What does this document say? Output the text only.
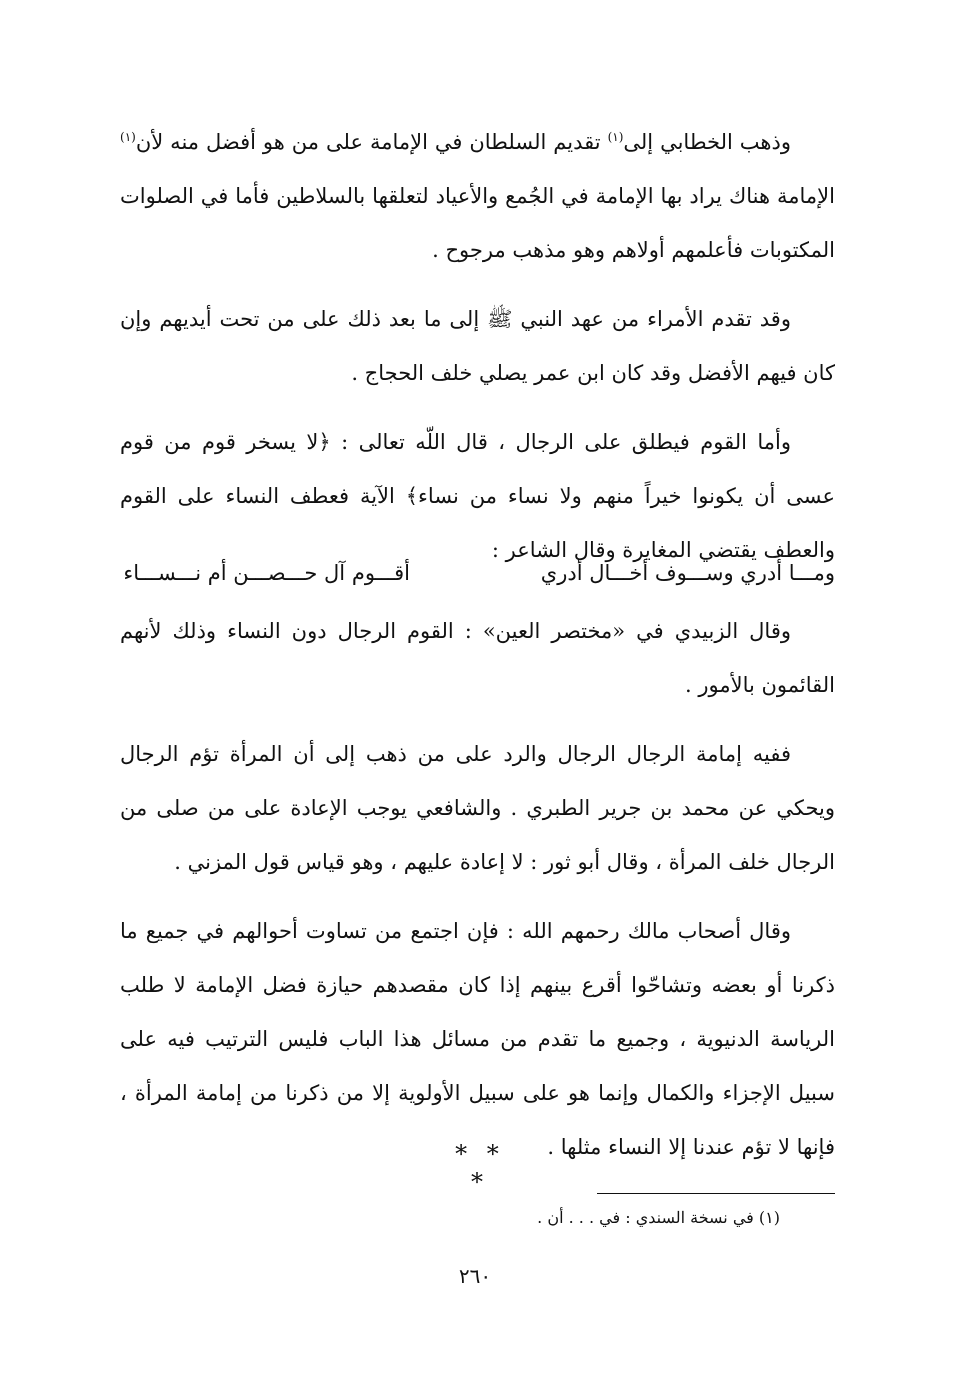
وذهب الخطابي إلى$^{(١)}$ تقديم السلطان في الإمامة على من هو أفضل منه لأن$^{(١)}$ الإمامة هناك يراد بها الإمامة في الجُمع والأعياد لتعلقها بالسلاطين فأما في الصلوات المكتوبات فأعلمهم أولاهم وهو مذهب مرجوح .

وقد تقدم الأمراء من عهد النبي ﷺ إلى ما بعد ذلك على من تحت أيديهم وإن كان فيهم الأفضل وقد كان ابن عمر يصلي خلف الحجاج .

وأما القوم فيطلق على الرجال ، قال اللّه تعالى : ﴿لا يسخر قوم من قوم عسى أن يكونوا خيراً منهم ولا نساء من نساء﴾ الآية فعطف النساء على القوم والعطف يقتضي المغايرة وقال الشاعر :

ومـــا أدري وســـوف أخـــال أدري
أقـــوم آل حـــصـــن أم نـــســـاء

وقال الزبيدي في «مختصر العين» : القوم الرجال دون النساء وذلك لأنهم القائمون بالأمور .

ففيه إمامة الرجال الرجال والرد على من ذهب إلى أن المرأة تؤم الرجال ويحكي عن محمد بن جرير الطبري . والشافعي يوجب الإعادة على من صلى من الرجال خلف المرأة ، وقال أبو ثور : لا إعادة عليهم ، وهو قياس قول المزني .

وقال أصحاب مالك رحمهم الله : فإن اجتمع من تساوت أحوالهم في جميع ما ذكرنا أو بعضه وتشاحّوا أقرع بينهم إذا كان مقصدهم حيازة فضل الإمامة لا طلب الرياسة الدنيوية ، وجميع ما تقدم من مسائل هذا الباب فليس الترتيب فيه على سبيل الإجزاء والكمال وإنما هو على سبيل الأولوية إلا من ذكرنا من إمامة المرأة ، فإنها لا تؤم عندنا إلا النساء مثلها .

* * *
(١) في نسخة السندي : في . . . أن .
٢٦٠
